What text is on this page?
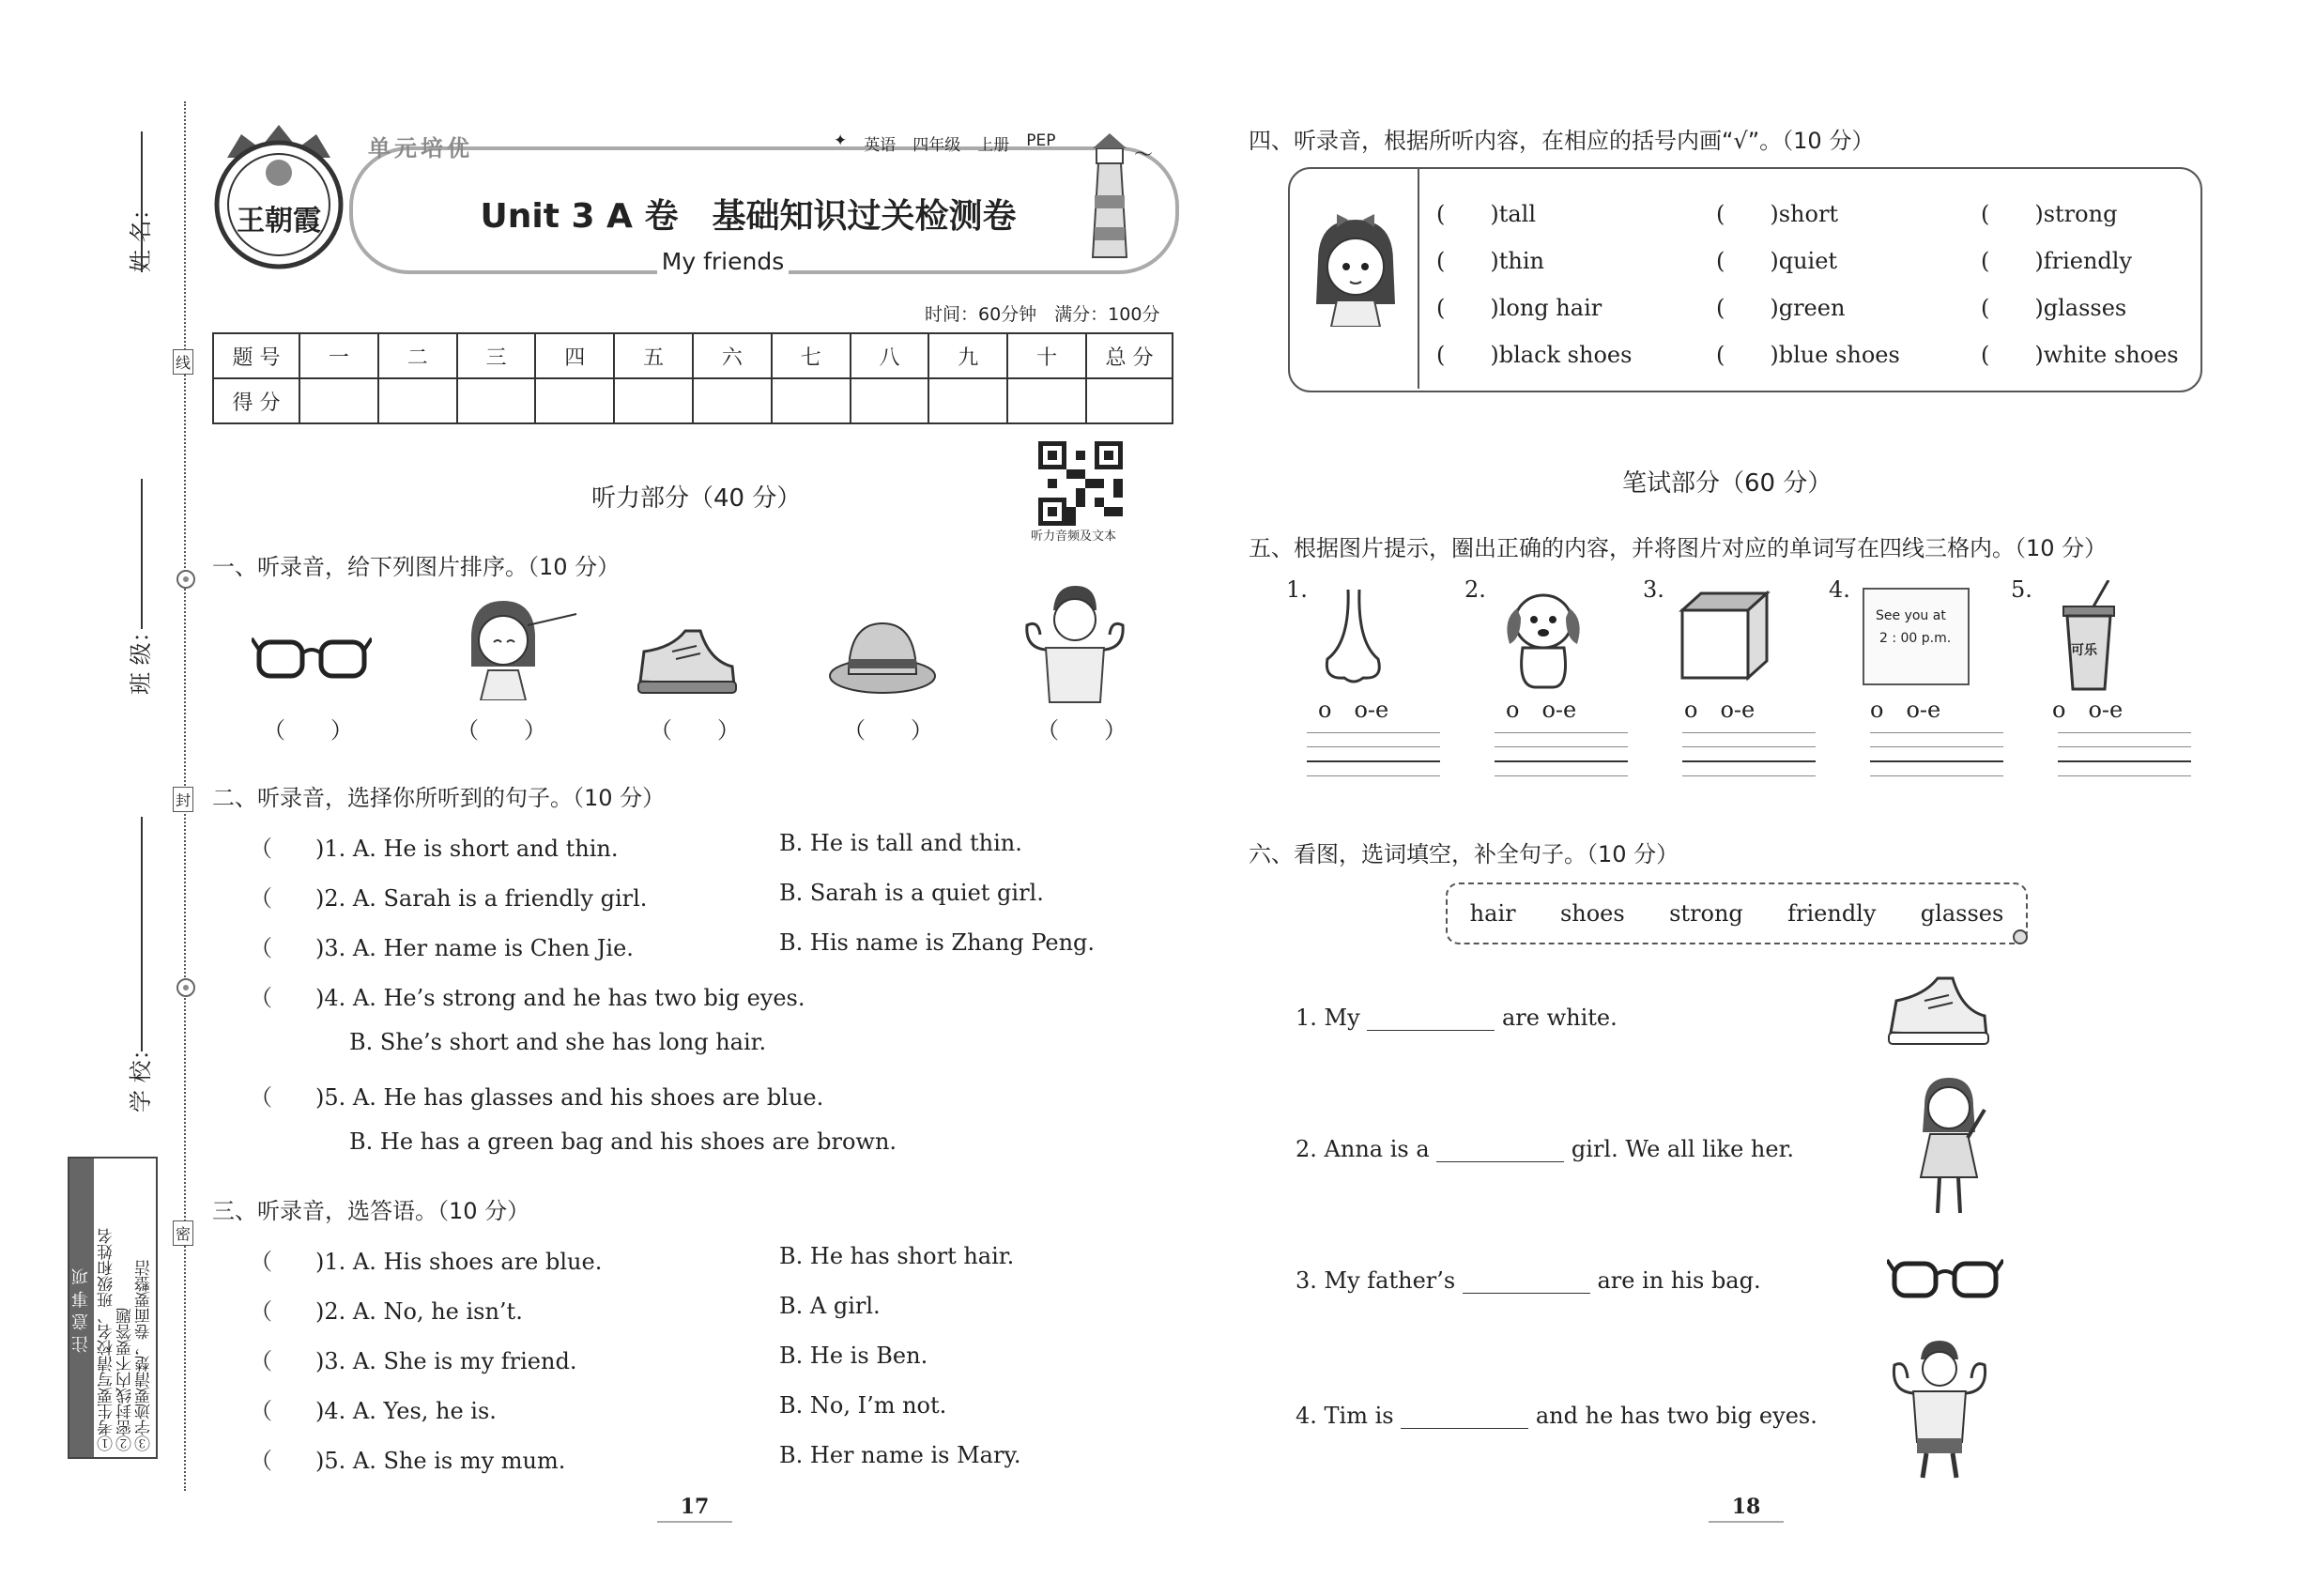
姓 名：
班 级：
学 校：
线
封
密
注意事项 ①考生要写清校名、班级和姓名 ②密封线内不要答题 ③字迹要清楚，卷面要整洁
王朝霞
单元培优	✦ 英语 四年级 上册 PEP
〜
Unit 3 A 卷　基础知识过关检测卷
My friends
时间：60分钟　满分：100分
题 号	一	二	三	四	五	六	七	八	九	十	总 分
得 分											
听力音频及文本
听力部分（40 分）
一、听录音，给下列图片排序。（10 分）
（　　）	（　　）	（　　）	（　　）	（　　）
二、听录音，选择你所听到的句子。（10 分）
（ )1. A. He is short and thin.	B. He is tall and thin.
（ )2. A. Sarah is a friendly girl.	B. Sarah is a quiet girl.
（ )3. A. Her name is Chen Jie.	B. His name is Zhang Peng.
（ )4. A. He’s strong and he has two big eyes.
B. She’s short and she has long hair.
（ )5. A. He has glasses and his shoes are blue.
B. He has a green bag and his shoes are brown.
三、听录音，选答语。（10 分）
（ )1. A. His shoes are blue.	B. He has short hair.
（ )2. A. No, he isn’t.	B. A girl.
（ )3. A. She is my friend.	B. He is Ben.
（ )4. A. Yes, he is.	B. No, I’m not.
（ )5. A. She is my mum.	B. Her name is Mary.
17
四、听录音，根据所听内容，在相应的括号内画“√”。（10 分）
(　　)tall	(　　)short	(　　)strong
(　　)thin	(　　)quiet	(　　)friendly
(　　)long hair	(　　)green	(　　)glasses
(　　)black shoes	(　　)blue shoes	(　　)white shoes
笔试部分（60 分）
五、根据图片提示，圈出正确的内容，并将图片对应的单词写在四线三格内。（10 分）
1.
o　o-e
2.
o　o-e
3.
o　o-e
4.
See you at
2 : 00 p.m.
o　o-e
5.
可乐
o　o-e
六、看图，选词填空，补全句子。（10 分）
hair shoes strong friendly glasses
1. My	are white.
2. Anna is a	girl. We all like her.
3. My father’s	are in his bag.
4. Tim is	and he has two big eyes.
18
